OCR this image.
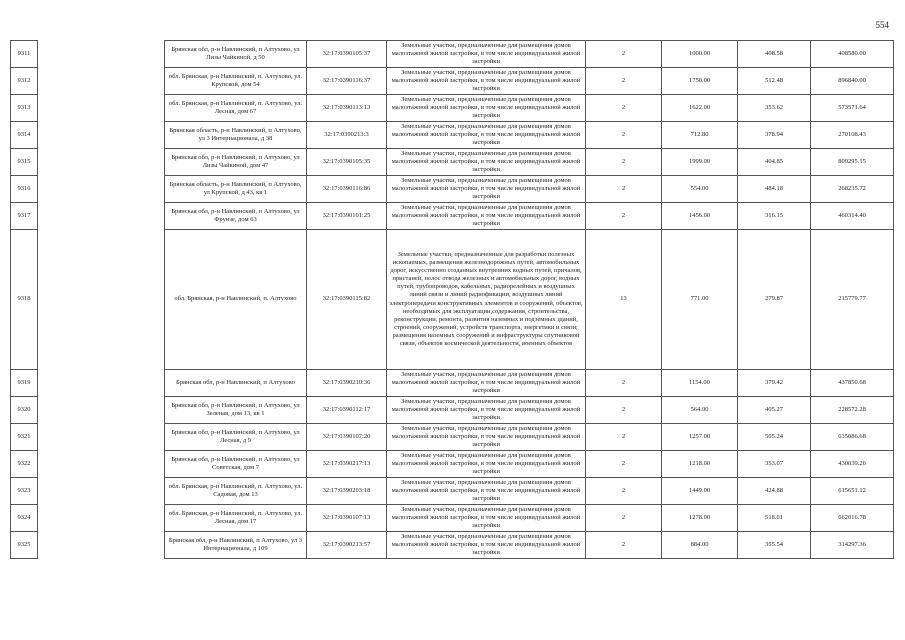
554
9311		Брянская обл, р-н Навлинский, п Алтухово, ул Лизы Чайкиной, д 50	32:17:0390105:37	Земельные участки, предназначенные для размещения домов малоэтажной жилой застройки, в том числе индивидуальной жилой застройки	2	1000.00	408.58	408580.00
9312		обл. Брянская, р-н Навлинский, п. Алтухово, ул. Крупской, дом 54	32:17:0390116:37	Земельные участки, предназначенные для размещения домов малоэтажной жилой застройки, в том числе индивидуальной жилой застройки	2	1750.00	512.48	896840.00
9313		обл. Брянская, р-н Навлинский, п. Алтухово, ул. Лесная, дом 67	32:17:0390113:13	Земельные участки, предназначенные для размещения домов малоэтажной жилой застройки, в том числе индивидуальной жилой застройки	2	1622.00	353.62	573571.64
9314		Брянская область, р-н Навлинский, п Алтухово, ул 3 Интернационала, д 38	32:17:0390213:3	Земельные участки, предназначенные для размещения домов малоэтажной жилой застройки, в том числе индивидуальной жилой застройки	2	712.80	378.94	270108.43
9315		Брянская обл, р-н Навлинский, п Алтухово, ул Лизы Чайкиной, дом 47	32:17:0390105:35	Земельные участки, предназначенные для размещения домов малоэтажной жилой застройки, в том числе индивидуальной жилой застройки	2	1999.00	404.85	809295.15
9316		Брянская область, р-н Навлинский, п Алтухово, ул Крупской, д 43, кв 1	32:17:0390116:86	Земельные участки, предназначенные для размещения домов малоэтажной жилой застройки, в том числе индивидуальной жилой застройки	2	554.00	484.18	268235.72
9317		Брянская обл, р-н Навлинский, п Алтухово, ул Фрунзе, дом 63	32:17:0390101:25	Земельные участки, предназначенные для размещения домов малоэтажной жилой застройки, в том числе индивидуальной жилой застройки	2	1456.00	316.15	460314.40
9318		обл. Брянская, р-н Навлинский, п. Алтухово	32:17:0390115:82	Земельные участки, предназначенные для разработки полезных ископаемых, размещения железнодорожных путей, автомобильных дорог, искусственно созданных внутренних водных путей, причалов, пристаней, полос отвода железных и автомобильных дорог, водных путей, трубопроводов, кабельных, радиорелейных и воздушных линий связи и линий радиофикации, воздушных линий электропередачи конструктивных элементов и сооружений, объектов, необходимых для эксплуатации,содержания, строительства, реконструкции, ремонта, развития наземных и подземных зданий, строений, сооружений, устройств транспорта, энергетики и связи; размещения наземных сооружений и инфраструктуры спутниковой связи, объектов космической деятельности, военных объектов	13	771.00	279.87	215779.77
9319		Брянская обл, р-н Навлинский, п Алтухово	32:17:0390210:36	Земельные участки, предназначенные для размещения домов малоэтажной жилой застройки, в том числе индивидуальной жилой застройки	2	1154.00	379.42	437850.68
9320		Брянская обл, р-н Навлинский, п Алтухово, ул Зеленая, дом 13, кв 1	32:17:0390112:17	Земельные участки, предназначенные для размещения домов малоэтажной жилой застройки, в том числе индивидуальной жилой застройки	2	564.00	405.27	228572.28
9321		Брянская обл, р-н Навлинский, п Алтухово, ул Лесная, д 9	32:17:0390107:20	Земельные участки, предназначенные для размещения домов малоэтажной жилой застройки, в том числе индивидуальной жилой застройки	2	1257.00	505.24	635086.68
9322		Брянская обл, р-н Навлинский, п Алтухово, ул Советская, дом 7	32:17:0390217:13	Земельные участки, предназначенные для размещения домов малоэтажной жилой застройки, в том числе индивидуальной жилой застройки	2	1218.00	353.07	430039.26
9323		обл. Брянская, р-н Навлинский, п. Алтухово, ул. Садовая, дом 13	32:17:0390203:18	Земельные участки, предназначенные для размещения домов малоэтажной жилой застройки, в том числе индивидуальной жилой застройки	2	1449.00	424.88	615651.12
9324		обл. Брянская, р-н Навлинский, п. Алтухово, ул. Лесная, дом 17	32:17:0390107:13	Земельные участки, предназначенные для размещения домов малоэтажной жилой застройки, в том числе индивидуальной жилой застройки	2	1278.00	518.01	662016.78
9325		Брянская обл, р-н Навлинский, п Алтухово, ул 3 Интернационала, д 109	32:17:0390213:57	Земельные участки, предназначенные для размещения домов малоэтажной жилой застройки, в том числе индивидуальной жилой застройки	2	884.00	355.54	314297.36
